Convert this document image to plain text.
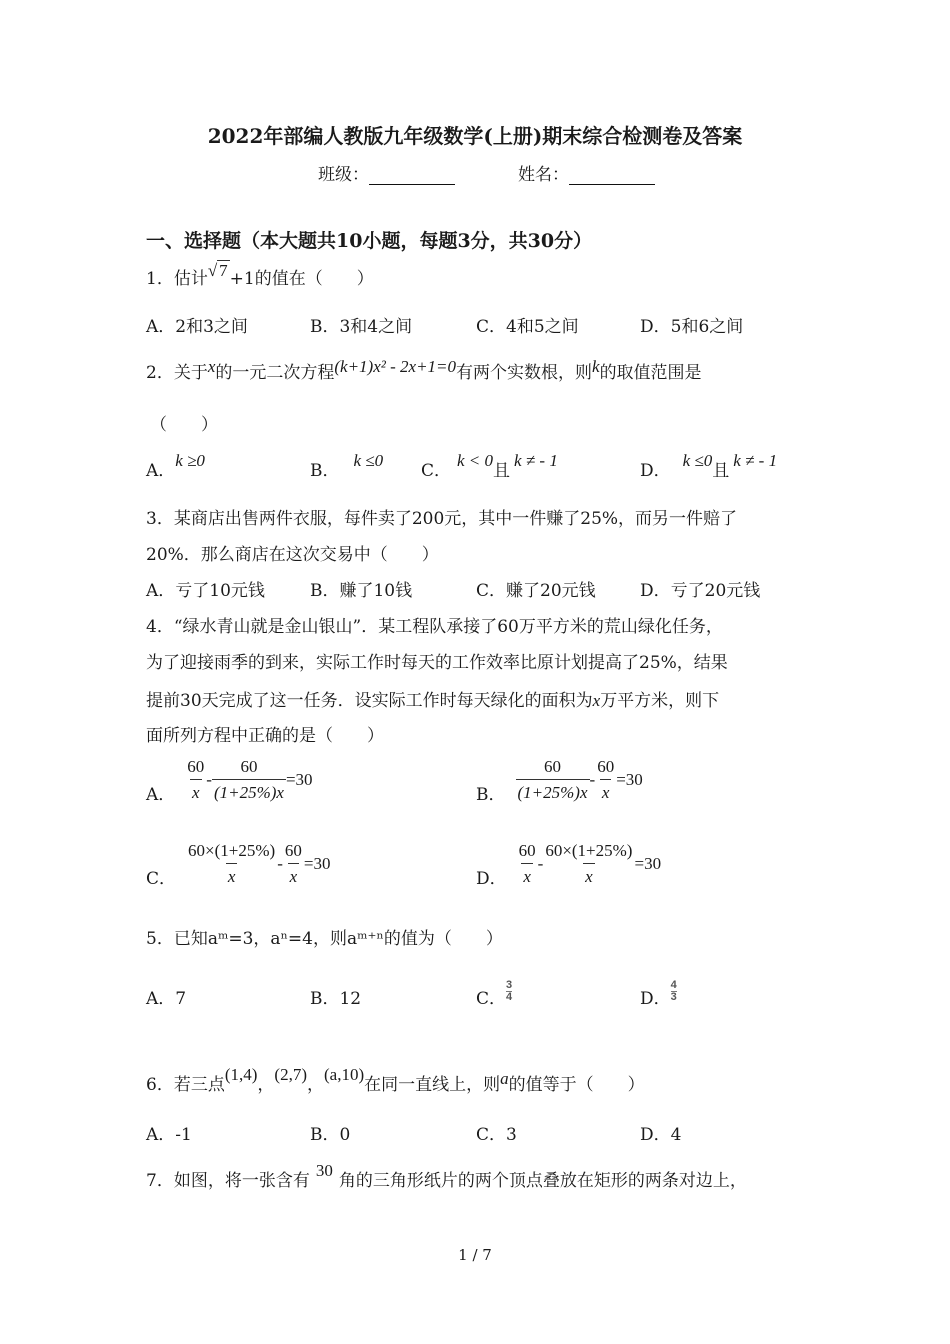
2022年部编人教版九年级数学(上册)期末综合检测卷及答案
班级：	姓名：
一、选择题（本大题共10小题，每题3分，共30分）
1．估计√ 7 +1的值在（　　）
A．2和3之间	B．3和4之间	C．4和5之间	D．5和6之间
2．关于x的一元二次方程(k+1)x² - 2x+1=0有两个实数根，则k的取值范围是
（　　）
A．k ≥0
B．k ≤0
C．k < 0且k ≠ - 1
D．k ≤0且k ≠ - 1
3．某商店出售两件衣服，每件卖了200元，其中一件赚了25%，而另一件赔了
20%．那么商店在这次交易中（　　）
A．亏了10元钱	B．赚了10钱	C．赚了20元钱	D．亏了20元钱
4．“绿水青山就是金山银山”．某工程队承接了60万平方米的荒山绿化任务，
为了迎接雨季的到来，实际工作时每天的工作效率比原计划提高了25%，结果
提前30天完成了这一任务．设实际工作时每天绿化的面积为x万平方米，则下
面所列方程中正确的是（　　）
A． $\frac{60}{x} - \frac{60}{(1+25\%)x} =30$
B． $\frac{60}{(1+25\%)x} - \frac{60}{x} =30$
C． $\frac{60\times(1+25\%)}{x} - \frac{60}{x} =30$
D． $\frac{60}{x} - \frac{60\times(1+25\%)}{x} =30$
5．已知aᵐ=3，aⁿ=4，则aᵐ⁺ⁿ的值为（　　）
A．7	B．12	C． $\frac{3}{4}$	D． $\frac{4}{3}$
6．若三点(1,4)，(2,7)，(a,10)在同一直线上，则a的值等于（　　）
A．-1	B．0	C．3	D．4
7．如图，将一张含有30角的三角形纸片的两个顶点叠放在矩形的两条对边上，
1 / 7
